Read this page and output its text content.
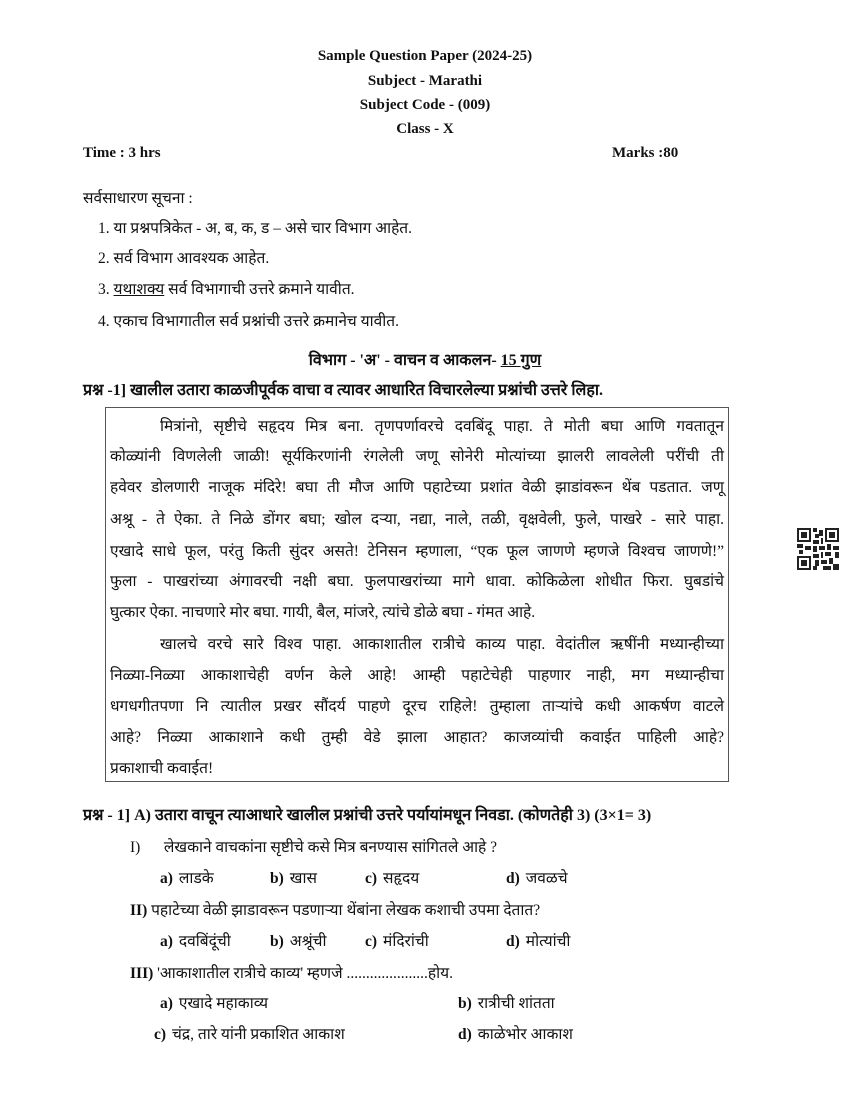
Sample Question Paper (2024-25)
Subject - Marathi
Subject Code - (009)
Class - X
Time : 3 hrs	Marks :80
सर्वसाधारण सूचना :
1. या प्रश्नपत्रिकेत - अ, ब, क, ड – असे चार विभाग आहेत.
2. सर्व विभाग आवश्यक आहेत.
3. यथाशक्य सर्व विभागाची उत्तरे क्रमाने यावीत.
4. एकाच विभागातील सर्व प्रश्नांची उत्तरे क्रमानेच यावीत.
विभाग - 'अ' - वाचन व आकलन- 15 गुण
प्रश्न -1] खालील उतारा काळजीपूर्वक वाचा व त्यावर आधारित विचारलेल्या प्रश्नांची उत्तरे लिहा.
मित्रांनो, सृष्टीचे सहृदय मित्र बना. तृणपर्णावरचे दवबिंदू पाहा. ते मोती बघा आणि गवतातून
कोळ्यांनी विणलेली जाळी! सूर्यकिरणांनी रंगलेली जणू सोनेरी मोत्यांच्या झालरी लावलेली परींची ती
हवेवर डोलणारी नाजूक मंदिरे! बघा ती मौज आणि पहाटेच्या प्रशांत वेळी झाडांवरून थेंब पडतात. जणू
अश्रू - ते ऐका. ते निळे डोंगर बघा; खोल दऱ्या, नद्या, नाले, तळी, वृक्षवेली, फुले, पाखरे - सारे पाहा.
एखादे साधे फूल, परंतु किती सुंदर असते! टेनिसन म्हणाला, “एक फूल जाणणे म्हणजे विश्वच जाणणे!”
फुला - पाखरांच्या अंगावरची नक्षी बघा. फुलपाखरांच्या मागे धावा. कोकिळेला शोधीत फिरा. घुबडांचे
घुत्कार ऐका. नाचणारे मोर बघा. गायी, बैल, मांजरे, त्यांचे डोळे बघा - गंमत आहे.
खालचे वरचे सारे विश्व पाहा. आकाशातील रात्रीचे काव्य पाहा. वेदांतील ऋषींनी मध्यान्हीच्या
निळ्या-निळ्या आकाशाचेही वर्णन केले आहे! आम्ही पहाटेचेही पाहणार नाही, मग मध्यान्हीचा
धगधगीतपणा नि त्यातील प्रखर सौंदर्य पाहणे दूरच राहिले! तुम्हाला ताऱ्यांचे कधी आकर्षण वाटले
आहे? निळ्या आकाशाने कधी तुम्ही वेडे झाला आहात? काजव्यांची कवाईत पाहिली आहे?
प्रकाशाची कवाईत!
प्रश्न - 1] A) उतारा वाचून त्याआधारे खालील प्रश्नांची उत्तरे पर्यायांमधून निवडा. (कोणतेही 3) (3×1= 3)
I) लेखकाने वाचकांना सृष्टीचे कसे मित्र बनण्यास सांगितले आहे ?
a) लाडके	b) खास	c) सहृदय	d) जवळचे
II) पहाटेच्या वेळी झाडावरून पडणाऱ्या थेंबांना लेखक कशाची उपमा देतात?
a) दवबिंदूंची	b) अश्रूंची c) मंदिरांची	d) मोत्यांची
III) 'आकाशातील रात्रीचे काव्य' म्हणजे .....................होय.
a) एखादे महाकाव्य	b) रात्रीची शांतता
c) चंद्र, तारे यांनी प्रकाशित आकाश	d) काळेभोर आकाश
